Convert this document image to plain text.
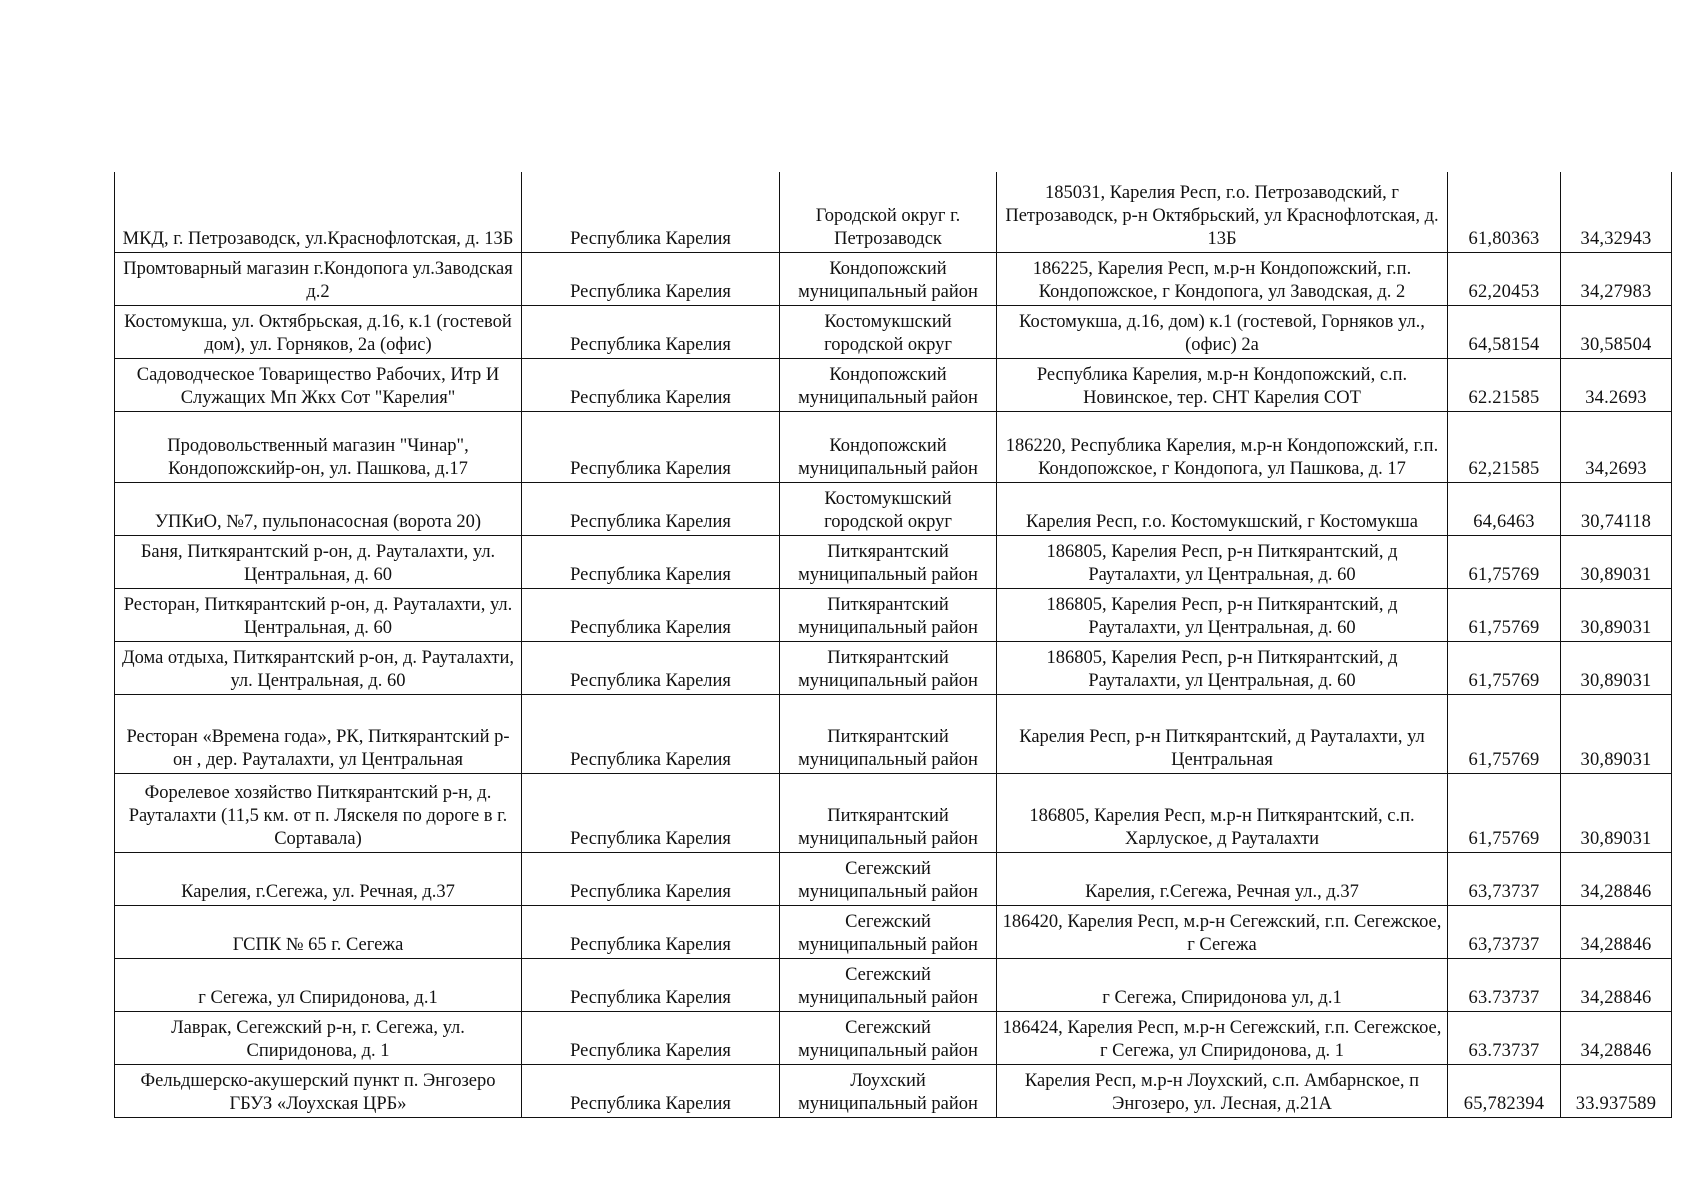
МКД, г. Петрозаводск, ул.Краснофлотская, д. 13Б	Республика Карелия	Городской округ г. Петрозаводск	185031, Карелия Респ, г.о. Петрозаводский, г Петрозаводск, р-н Октябрьский, ул Краснофлотская, д. 13Б	61,80363	34,32943
Промтоварный магазин г.Кондопога ул.Заводская д.2	Республика Карелия	Кондопожский муниципальный район	186225, Карелия Респ, м.р-н Кондопожский, г.п. Кондопожское, г Кондопога, ул Заводская, д. 2	62,20453	34,27983
Костомукша, ул. Октябрьская, д.16, к.1 (гостевой дом), ул. Горняков, 2а (офис)	Республика Карелия	Костомукшский городской округ	Костомукша, д.16, дом) к.1 (гостевой, Горняков ул., (офис) 2а	64,58154	30,58504
Садоводческое Товарищество Рабочих, Итр И Служащих Мп Жкх Сот "Карелия"	Республика Карелия	Кондопожский муниципальный район	Республика Карелия, м.р-н Кондопожский, с.п. Новинское, тер. СНТ Карелия СОТ	62.21585	34.2693
Продовольственный магазин "Чинар", Кондопожскийр-он, ул. Пашкова, д.17	Республика Карелия	Кондопожский муниципальный район	186220, Республика Карелия, м.р-н Кондопожский, г.п. Кондопожское, г Кондопога, ул Пашкова, д. 17	62,21585	34,2693
УПКиО, №7, пульпонасосная (ворота 20)	Республика Карелия	Костомукшский городской округ	Карелия Респ, г.о. Костомукшский, г Костомукша	64,6463	30,74118
Баня, Питкярантский р-он, д. Рауталахти, ул. Центральная, д. 60	Республика Карелия	Питкярантский муниципальный район	186805, Карелия Респ, р-н Питкярантский, д Рауталахти, ул Центральная, д. 60	61,75769	30,89031
Ресторан, Питкярантский р-он, д. Рауталахти, ул. Центральная, д. 60	Республика Карелия	Питкярантский муниципальный район	186805, Карелия Респ, р-н Питкярантский, д Рауталахти, ул Центральная, д. 60	61,75769	30,89031
Дома отдыха, Питкярантский р-он, д. Рауталахти, ул. Центральная, д. 60	Республика Карелия	Питкярантский муниципальный район	186805, Карелия Респ, р-н Питкярантский, д Рауталахти, ул Центральная, д. 60	61,75769	30,89031
Ресторан «Времена года», РК, Питкярантский р-он , дер. Рауталахти, ул Центральная	Республика Карелия	Питкярантский муниципальный район	Карелия Респ, р-н Питкярантский, д Рауталахти, ул Центральная	61,75769	30,89031
Форелевое хозяйство Питкярантский р-н, д. Рауталахти (11,5 км. от п. Ляскеля по дороге в г. Сортавала)	Республика Карелия	Питкярантский муниципальный район	186805, Карелия Респ, м.р-н Питкярантский, с.п. Харлуское, д Рауталахти	61,75769	30,89031
Карелия, г.Сегежа, ул. Речная, д.37	Республика Карелия	Сегежский муниципальный район	Карелия, г.Сегежа, Речная ул., д.37	63,73737	34,28846
ГСПК № 65 г. Сегежа	Республика Карелия	Сегежский муниципальный район	186420, Карелия Респ, м.р-н Сегежский, г.п. Сегежское, г Сегежа	63,73737	34,28846
г Сегежа, ул Спиридонова, д.1	Республика Карелия	Сегежский муниципальный район	г Сегежа, Спиридонова ул, д.1	63.73737	34,28846
Лаврак, Сегежский р-н, г. Сегежа, ул. Спиридонова, д. 1	Республика Карелия	Сегежский муниципальный район	186424, Карелия Респ, м.р-н Сегежский, г.п. Сегежское, г Сегежа, ул Спиридонова, д. 1	63.73737	34,28846
Фельдшерско-акушерский пункт п. Энгозеро ГБУЗ «Лоухская ЦРБ»	Республика Карелия	Лоухский муниципальный район	Карелия Респ, м.р-н Лоухский, с.п. Амбарнское, п Энгозеро, ул. Лесная, д.21А	65,782394	33.937589
